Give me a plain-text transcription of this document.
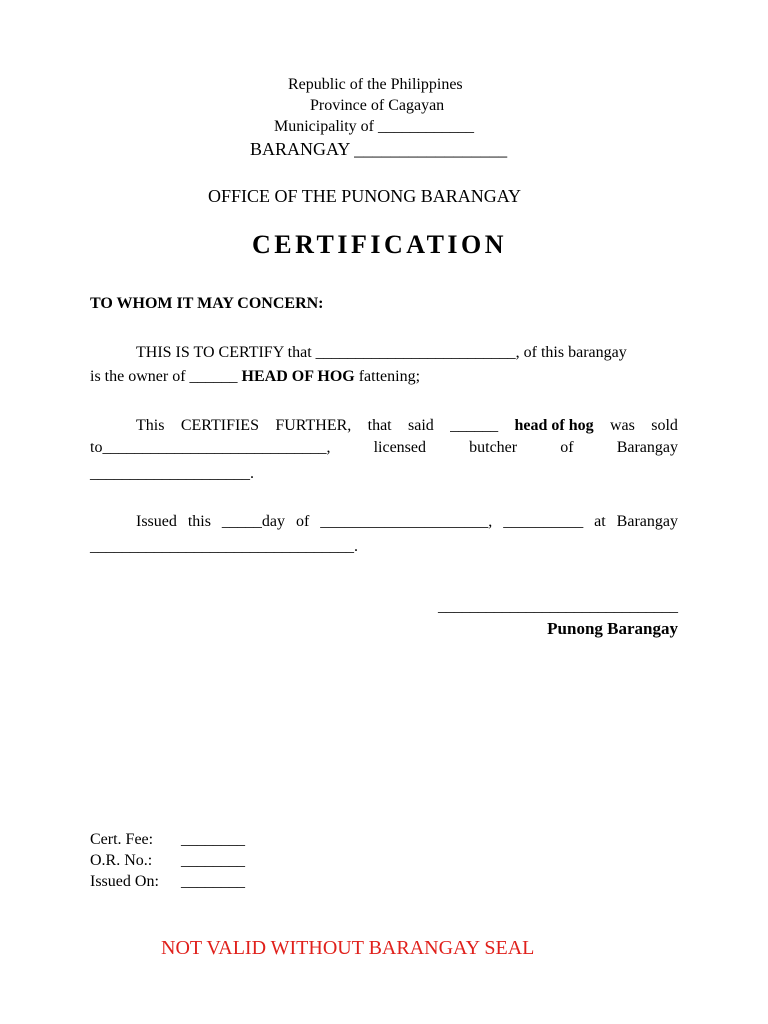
Republic of the Philippines
Province of Cagayan
Municipality of ____________
BARANGAY _________________
OFFICE OF THE PUNONG BARANGAY
CERTIFICATION
TO WHOM IT MAY CONCERN:
THIS IS TO CERTIFY that _________________________, of this barangay
is the owner of ______ HEAD OF HOG fattening;
This CERTIFIES FURTHER, that said ______ head of hog was sold
to____________________________,	licensed	butcher	of	Barangay
____________________.
Issued this _____day of _____________________, __________ at Barangay
_________________________________.
______________________________
Punong Barangay
Cert. Fee: ________
O.R. No.: ________
Issued On: ________
NOT VALID WITHOUT BARANGAY SEAL
